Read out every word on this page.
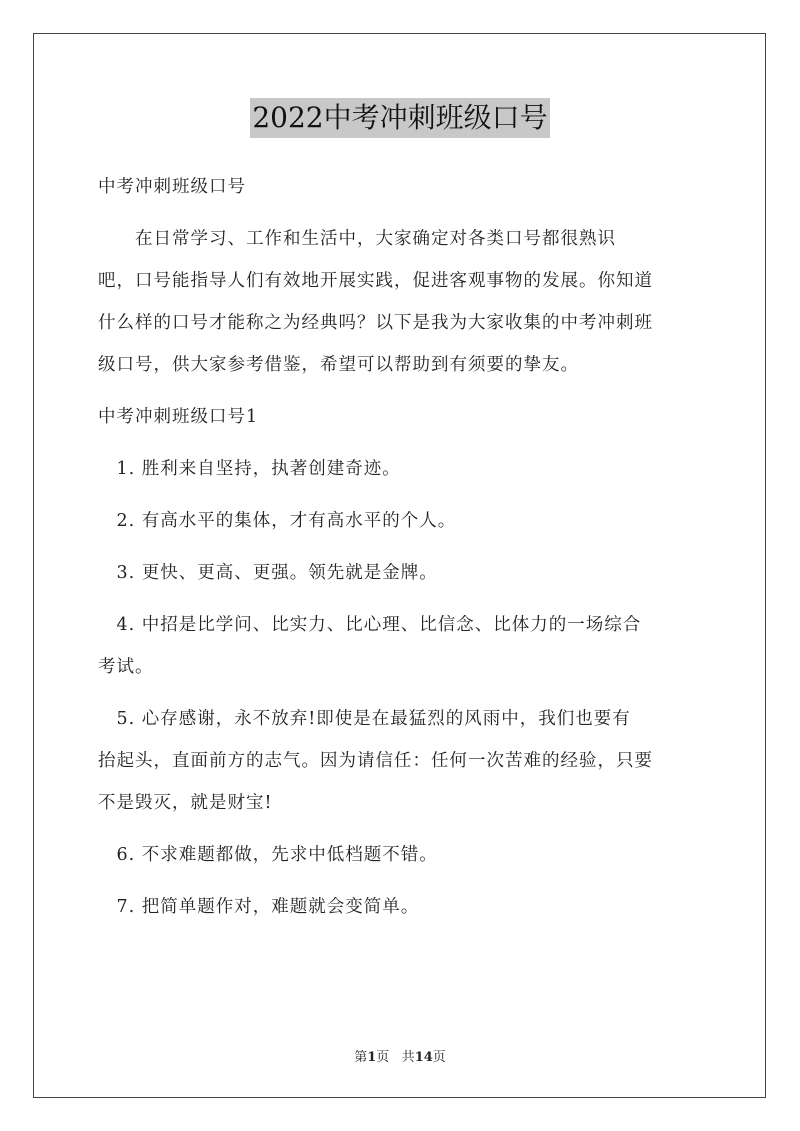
2022中考冲刺班级口号
中考冲刺班级口号
　　在日常学习、工作和生活中，大家确定对各类口号都很熟识
吧，口号能指导人们有效地开展实践，促进客观事物的发展。你知道
什么样的口号才能称之为经典吗？以下是我为大家收集的中考冲刺班
级口号，供大家参考借鉴，希望可以帮助到有须要的挚友。
中考冲刺班级口号1
　1. 胜利来自坚持，执著创建奇迹。
　2. 有高水平的集体，才有高水平的个人。
　3. 更快、更高、更强。领先就是金牌。
　4. 中招是比学问、比实力、比心理、比信念、比体力的一场综合
考试。
　5. 心存感谢，永不放弃!即使是在最猛烈的风雨中，我们也要有
抬起头，直面前方的志气。因为请信任：任何一次苦难的经验，只要
不是毁灭，就是财宝!
　6. 不求难题都做，先求中低档题不错。
　7. 把简单题作对，难题就会变简单。
第1页 共14页
